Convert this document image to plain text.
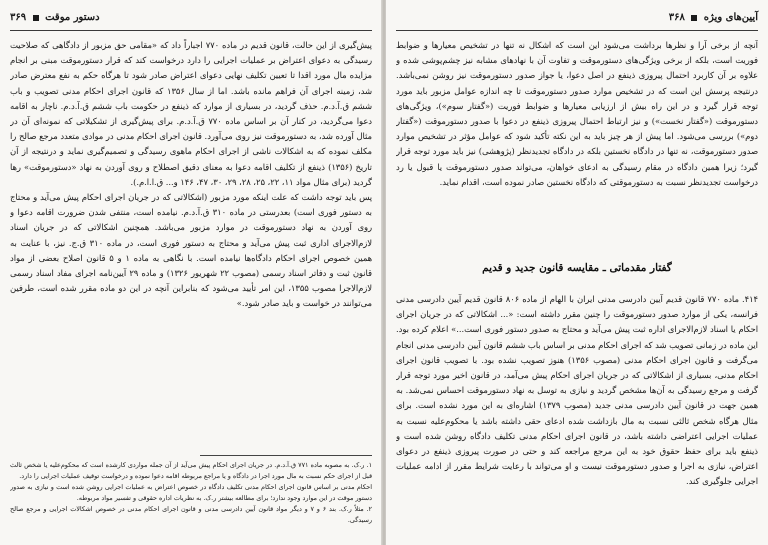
۳۶۹ دستور موقت

پیش‌گیری از این حالت، قانون قدیم در ماده ۷۷۰ اجباراً داد که «مقامی حق مزبور از دادگاهی که صلاحیت رسیدگی به دعوای اعتراض بر عملیات اجرایی را دارد درخواست کند که قرار دستورموقت مبنی بر انجام مزایده مال مورد اقدا تا تعیین تکلیف نهایی دعوای اعتراض صادر شود تا هرگاه حکم به نفع معترض صادر شد، زمینه اجرای آن فراهم مانده باشد. اما از سال ۱۳۵۶ که قانون اجرای احکام مدنی تصویب و باب ششم ق.آ.د.م. حذف گردید، در بسیاری از موارد که ذینفع در حکومت باب ششم ق.آ.د.م. ناچار به اقامه دعوا می‌گردید، در کنار آن بر اساس ماده ۷۷۰ ق.آ.د.م. برای پیش‌گیری از تشکیلاتی که نمونه‌ای آن در مثال آورده شد، به دستورموقت نیز روی می‌آورد. قانون اجرای احکام مدنی در موادی متعدد مرجع صالح را مکلف نموده که به اشکالات ناشی از اجرای احکام ماهوی رسیدگی و تصمیم‌گیری نماید و درنتیجه از آن تاریخ (۱۳۵۶) ذینفع از تکلیف اقامه دعوا به معنای دقیق اصطلاح و روی آوردن به نهاد «دستورموقت» رها گردید (برای مثال مواد ۱۱، ۲۲، ۲۵، ۲۸، ۲۹، ۳۰، ۴۷، ۱۴۶ و... ق.ا.ا.م.).

پس باید توجه داشت که علت اینکه مورد مزبور (اشکالاتی که در جریان اجرای احکام پیش می‌آید و محتاج به دستور فوری است) بعدرستی در ماده ۳۱۰ ق.آ.د.م. نیامده است، منتفی شدن ضرورت اقامه دعوا و روی آوردن به نهاد دستورموقت در موارد مزبور می‌باشد. همچنین اشکالاتی که در جریان اسناد لازم‌الاجرای اداری ثبت پیش می‌آید و محتاج به دستور فوری است، در ماده ۳۱۰ ق.ج. نیز، با عنایت به همین خصوص اجرای احکام دادگاه‌ها نیامده است. با نگاهی به ماده ۱ و ۵ قانون اصلاح بعضی از مواد قانون ثبت و دفاتر اسناد رسمی (مصوب ۲۲ شهریور ۱۳۲۶) و ماده ۲۹ آیین‌نامه اجرای مفاد اسناد رسمی لازم‌الاجرا مصوب ۱۳۵۵، این امر تأیید می‌شود که بنابراین آنچه در این دو ماده مقرر شده است، طرفین می‌توانند در خواست و باید صادر شود.»

۱. ر.ک. به مصوبه ماده ۷۷۱ ق.آ.د.م. در جریان اجرای احکام پیش می‌آید از آن جمله مواردی کارشده است که محکوم‌علیه یا شخص ثالث قبل از اجرای حکم نسبت به مال مورد اجرا در دادگاه و یا مراجع مربوطه اقامه دعوا نموده و درخواست توقیف عملیات اجرایی را دارد.

احکام مدنی بر اساس قانون اجرای احکام مدنی تکلیف دادگاه در خصوص اعتراض به عملیات اجرایی روشن شده است و نیازی به صدور دستور موقت در این موارد وجود ندارد؛ برای مطالعه بیشتر ر.ک. به نظریات اداره حقوقی و تفسیر مواد مربوطه.

۲. مثلاً ر.ک. بند ۶ و ۷ و دیگر مواد قانون آیین دادرسی مدنی و قانون اجرای احکام مدنی در خصوص اشکالات اجرایی و مرجع صالح رسیدگی.

آیین‌های ویژه  ۳۶۸

آنچه از برخی آرا و نظرها برداشت می‌شود این است که اشکال نه تنها در تشخیص معیارها و ضوابط فوریت است، بلکه از برخی ویژگی‌های دستورموقت و تفاوت آن با نهادهای مشابه نیز چشم‌پوشی شده و علاوه بر آن کاربرد احتمال پیروزی ذینفع در اصل دعوا، یا جواز صدور دستورموقت نیز روشن نمی‌باشد. درنتیجه پرسش این است که در تشخیص موارد صدور دستورموقت تا چه اندازه عوامل مزبور باید مورد توجه قرار گیرد و در این راه بیش از ارزیابی معیارها و ضوابط فوریت («گفتار سوم»)، ویژگی‌های دستورموقت («گفتار نخست») و نیز ارتباط احتمال پیروزی ذینفع در دعوا با صدور دستورموقت («گفتار دوم») بررسی می‌شود. اما پیش از هر چیز باید به این نکته تأکید شود که عوامل مؤثر در تشخیص موارد صدور دستورموقت، نه تنها در دادگاه نخستین بلکه در دادگاه تجدیدنظر (پژوهشی) نیز باید مورد توجه قرار گیرد؛ زیرا همین دادگاه در مقام رسیدگی به ادعای خواهان، می‌تواند صدور دستورموقت یا قبول یا رد درخواست تجدیدنظر نسبت به دستورموقتی که دادگاه نخستین صادر نموده است، اقدام نماید.

گفتار مقدماتی ـ مقایسه قانون جدید و قدیم

۴۱۴. ماده ۷۷۰ قانون قدیم آیین دادرسی مدنی ایران با الهام از ماده ۸۰۶ قانون قدیم آیین دادرسی مدنی فرانسه، یکی از موارد صدور دستورموقت را چنین مقرر داشته است: «... اشکالاتی که در جریان اجرای احکام یا اسناد لازم‌الاجرای اداره ثبت پیش می‌آید و محتاج به صدور دستور فوری است...» اعلام کرده بود. این ماده در زمانی تصویب شد که اجرای احکام مدنی بر اساس باب ششم قانون آیین دادرسی مدنی انجام می‌گرفت و قانون اجرای احکام مدنی (مصوب ۱۳۵۶) هنوز تصویب نشده بود. با تصویب قانون اجرای احکام مدنی، بسیاری از اشکالاتی که در جریان اجرای احکام پیش می‌آمد، در قانون اخیر مورد توجه قرار گرفت و مرجع رسیدگی به آن‌ها مشخص گردید و نیازی به توسل به نهاد دستورموقت احساس نمی‌شد. به همین جهت در قانون آیین دادرسی مدنی جدید (مصوب ۱۳۷۹) اشاره‌ای به این مورد نشده است. برای مثال هرگاه شخص ثالثی نسبت به مال بازداشت شده ادعای حقی داشته باشد یا محکوم‌علیه نسبت به عملیات اجرایی اعتراضی داشته باشد، در قانون اجرای احکام مدنی تکلیف دادگاه روشن شده است و ذینفع باید برای حفظ حقوق خود به این مرجع مراجعه کند و حتی در صورت پیروزی ذینفع در دعوای اعتراض، نیازی به اجرا و صدور دستورموقت نیست و او می‌تواند با رعایت شرایط مقرر از ادامه عملیات اجرایی جلوگیری کند.
